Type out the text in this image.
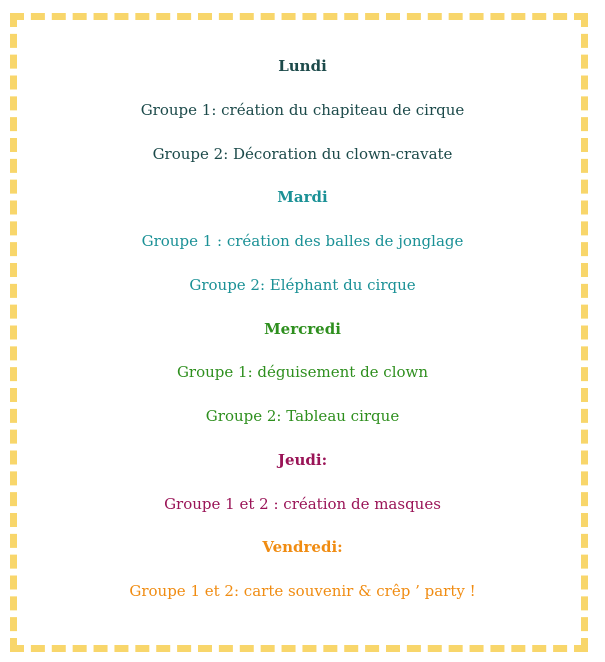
Lundi
Groupe 1: création du chapiteau de cirque
Groupe 2: Décoration du clown-cravate
Mardi
Groupe 1 : création des balles de jonglage
Groupe 2: Eléphant du cirque
Mercredi
Groupe 1: déguisement de clown
Groupe 2: Tableau cirque
Jeudi:
Groupe 1 et 2 : création de masques
Vendredi:
Groupe 1 et 2: carte souvenir & crêp ’ party !
